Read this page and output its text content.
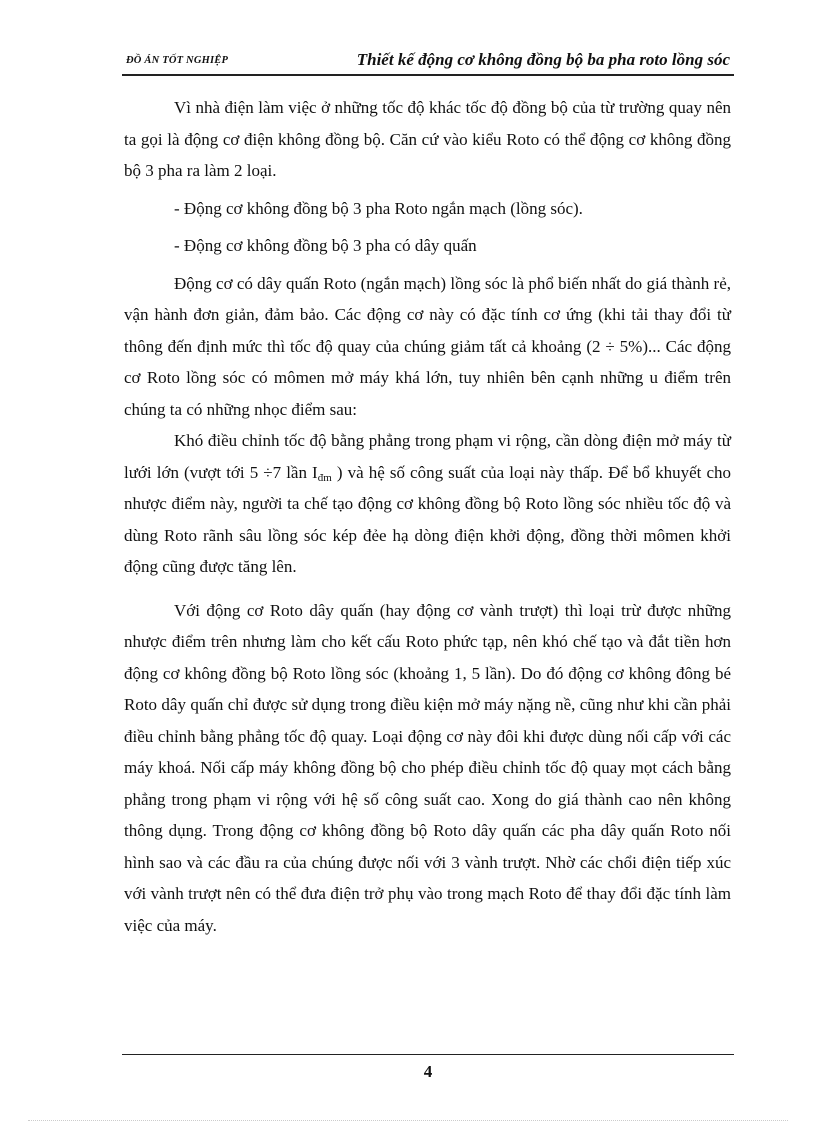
ĐỒ ÁN TỐT NGHIỆP	Thiết kế động cơ không đồng bộ ba pha roto lồng sóc

Vì nhà điện làm việc ở những tốc độ khác tốc độ đồng bộ của từ trường quay nên ta gọi là động cơ điện không đồng bộ. Căn cứ vào kiểu Roto có thể động cơ không đồng bộ 3 pha ra làm 2 loại.

- Động cơ không đồng bộ 3 pha Roto ngắn mạch (lồng sóc).

- Động cơ không đồng bộ 3 pha có dây quấn

Động cơ có dây quấn Roto (ngắn mạch) lồng sóc là phổ biến nhất do giá thành rẻ, vận hành đơn giản, đảm bảo. Các động cơ này có đặc tính cơ ứng (khi tải thay đổi từ thông đến định mức thì tốc độ quay của chúng giảm tất cả khoảng (2 ÷ 5%)... Các động cơ Roto lồng sóc có mômen mở máy khá lớn, tuy nhiên bên cạnh những u điểm trên chúng ta có những nhọc điểm sau:

Khó điều chỉnh tốc độ bằng phẳng trong phạm vi rộng, cần dòng điện mở máy từ lưới lớn (vượt tới 5 ÷7 lần $I_{đm}$ ) và hệ số công suất của loại này thấp. Để bổ khuyết cho nhược điểm này, người ta chế tạo động cơ không đồng bộ Roto lồng sóc nhiều tốc độ và dùng Roto rãnh sâu lồng sóc kép đẻe hạ dòng điện khởi động, đồng thời mômen khởi động cũng được tăng lên.

Với động cơ Roto dây quấn (hay động cơ vành trượt) thì loại trừ được những nhược điểm trên nhưng làm cho kết cấu Roto phức tạp, nên khó chế tạo và đắt tiền hơn động cơ không đồng bộ Roto lồng sóc (khoảng 1, 5 lần). Do đó động cơ không đông bé Roto dây quấn chỉ được sử dụng trong điều kiện mở máy nặng nề, cũng như khi cần phải điều chỉnh bằng phẳng tốc độ quay. Loại động cơ này đôi khi được dùng nối cấp với các máy khoá. Nối cấp máy không đồng bộ cho phép điều chỉnh tốc độ quay mọt cách bằng phẳng trong phạm vi rộng với hệ số công suất cao. Xong do giá thành cao nên không thông dụng. Trong động cơ không đồng bộ Roto dây quấn các pha dây quấn Roto nối hình sao và các đầu ra của chúng được nối với 3 vành trượt. Nhờ các chổi điện tiếp xúc với vành trượt nên có thể đưa điện trở phụ vào trong mạch Roto để thay đổi đặc tính làm việc của máy.

4
